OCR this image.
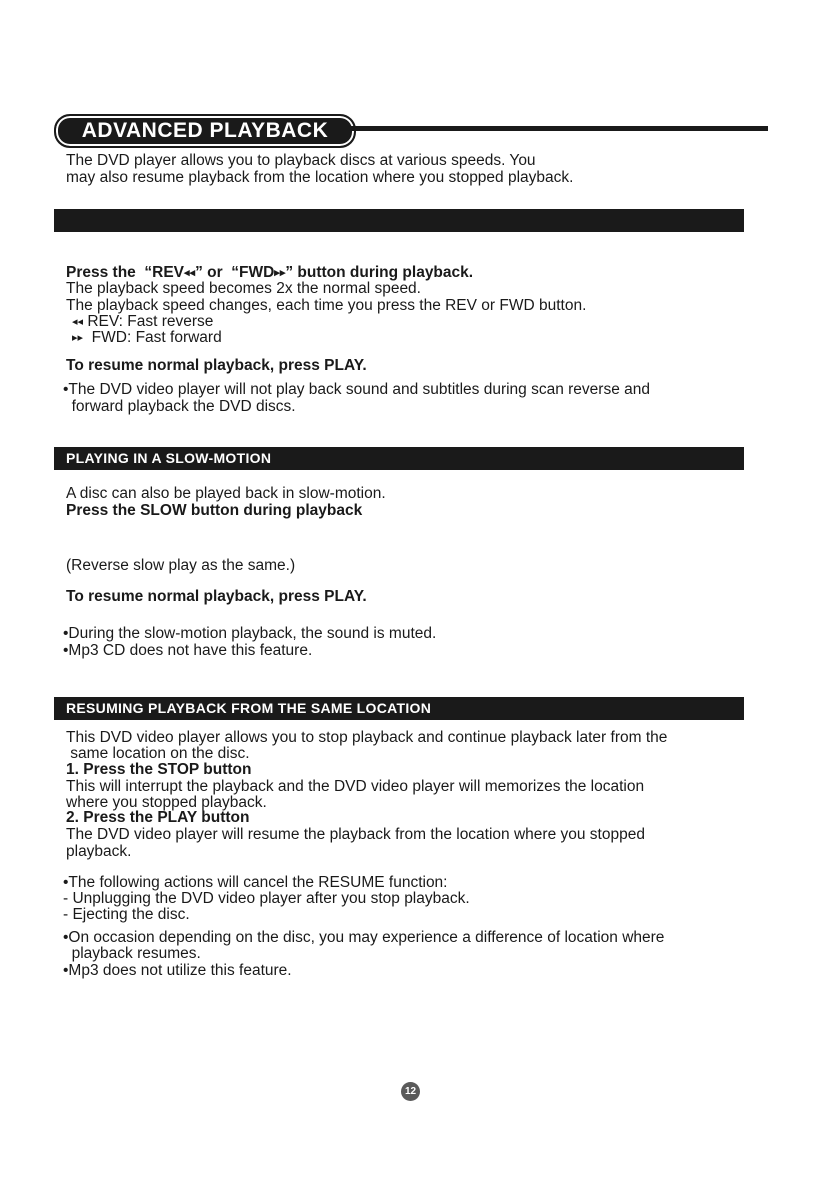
ADVANCED PLAYBACK
The DVD player allows you to playback discs at various speeds. You
may also resume playback from the location where you stopped playback.
Press the  “REV◂◂” or  “FWD▸▸” button during playback.
The playback speed becomes 2x the normal speed.
The playback speed changes, each time you press the REV or FWD button.
◂◂ REV: Fast reverse
▸▸ FWD: Fast forward
To resume normal playback, press PLAY.
•The DVD video player will not play back sound and subtitles during scan reverse and
forward playback the DVD discs.
PLAYING IN A SLOW-MOTION
A disc can also be played back in slow-motion.
Press the SLOW button during playback
(Reverse slow play as the same.)
To resume normal playback, press PLAY.
•During the slow-motion playback, the sound is muted.
•Mp3 CD does not have this feature.
RESUMING PLAYBACK FROM THE SAME LOCATION
This DVD video player allows you to stop playback and continue playback later from the
same location on the disc.
1. Press the STOP button
This will interrupt the playback and the DVD video player will memorizes the location
where you stopped playback.
2. Press the PLAY button
The DVD video player will resume the playback from the location where you stopped
playback.
•The following actions will cancel the RESUME function:
- Unplugging the DVD video player after you stop playback.
- Ejecting the disc.
•On occasion depending on the disc, you may experience a difference of location where
playback resumes.
•Mp3 does not utilize this feature.
12
